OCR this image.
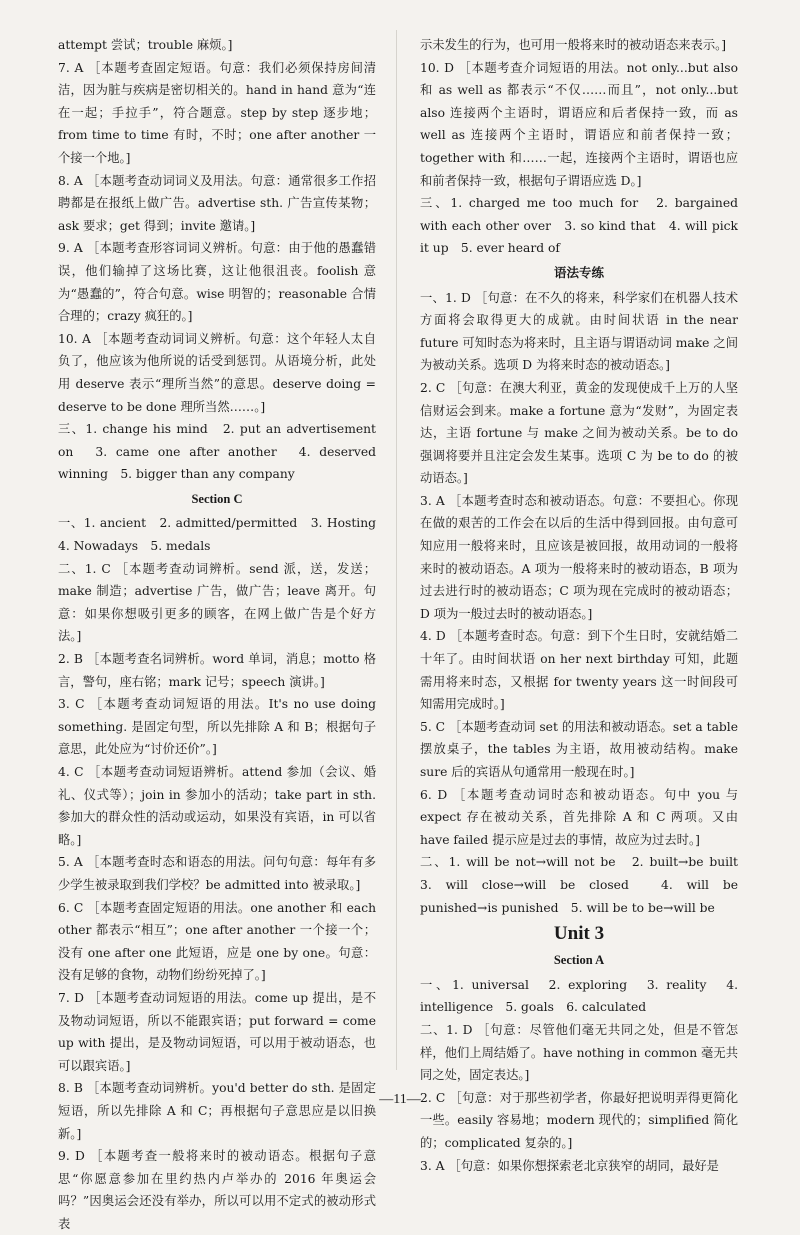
attempt 尝试；trouble 麻烦。]

7. A ［本题考查固定短语。句意：我们必须保持房间清洁，因为脏与疾病是密切相关的。hand in hand 意为“连在一起；手拉手”，符合题意。step by step 逐步地；from time to time 有时，不时；one after another 一个接一个地。]

8. A ［本题考查动词词义及用法。句意：通常很多工作招聘都是在报纸上做广告。advertise sth. 广告宣传某物；ask 要求；get 得到；invite 邀请。]

9. A ［本题考查形容词词义辨析。句意：由于他的愚蠢错误，他们输掉了这场比赛，这让他很沮丧。foolish 意为“愚蠢的”，符合句意。wise 明智的；reasonable 合情合理的；crazy 疯狂的。]

10. A ［本题考查动词词义辨析。句意：这个年轻人太自负了，他应该为他所说的话受到惩罚。从语境分析，此处用 deserve 表示“理所当然”的意思。deserve doing = deserve to be done 理所当然……。]

三、1. change his mind　2. put an advertisement on　3. came one after another　4. deserved winning　5. bigger than any company

Section C

一、1. ancient　2. admitted/permitted　3. Hosting　4. Nowadays　5. medals

二、1. C ［本题考查动词辨析。send 派，送，发送；make 制造；advertise 广告，做广告；leave 离开。句意：如果你想吸引更多的顾客，在网上做广告是个好方法。]

2. B ［本题考查名词辨析。word 单词，消息；motto 格言，警句，座右铭；mark 记号；speech 演讲。]

3. C ［本题考查动词短语的用法。It's no use doing something. 是固定句型，所以先排除 A 和 B；根据句子意思，此处应为“讨价还价”。]

4. C ［本题考查动词短语辨析。attend 参加（会议、婚礼、仪式等）；join in 参加小的活动；take part in sth. 参加大的群众性的活动或运动，如果没有宾语，in 可以省略。]

5. A ［本题考查时态和语态的用法。问句句意：每年有多少学生被录取到我们学校？be admitted into 被录取。]

6. C ［本题考查固定短语的用法。one another 和 each other 都表示“相互”；one after another 一个接一个；没有 one after one 此短语，应是 one by one。句意：没有足够的食物，动物们纷纷死掉了。]

7. D ［本题考查动词短语的用法。come up 提出，是不及物动词短语，所以不能跟宾语；put forward = come up with 提出，是及物动词短语，可以用于被动语态，也可以跟宾语。]

8. B ［本题考查动词辨析。you'd better do sth. 是固定短语，所以先排除 A 和 C；再根据句子意思应是以旧换新。]

9. D ［本题考查一般将来时的被动语态。根据句子意思“你愿意参加在里约热内卢举办的 2016 年奥运会吗？”因奥运会还没有举办，所以可以用不定式的被动形式表

示未发生的行为，也可用一般将来时的被动语态来表示。]

10. D ［本题考查介词短语的用法。not only...but also 和 as well as 都表示“不仅……而且”，not only...but also 连接两个主语时，谓语应和后者保持一致，而 as well as 连接两个主语时，谓语应和前者保持一致；together with 和……一起，连接两个主语时，谓语也应和前者保持一致，根据句子谓语应选 D。]

三、1. charged me too much for　2. bargained with each other over　3. so kind that　4. will pick it up　5. ever heard of

语法专练

一、1. D ［句意：在不久的将来，科学家们在机器人技术方面将会取得更大的成就。由时间状语 in the near future 可知时态为将来时，且主语与谓语动词 make 之间为被动关系。选项 D 为将来时态的被动语态。]

2. C ［句意：在澳大利亚，黄金的发现使成千上万的人坚信财运会到来。make a fortune 意为“发财”，为固定表达，主语 fortune 与 make 之间为被动关系。be to do 强调将要并且注定会发生某事。选项 C 为 be to do 的被动语态。]

3. A ［本题考查时态和被动语态。句意：不要担心。你现在做的艰苦的工作会在以后的生活中得到回报。由句意可知应用一般将来时，且应该是被回报，故用动词的一般将来时的被动语态。A 项为一般将来时的被动语态，B 项为过去进行时的被动语态；C 项为现在完成时的被动语态；D 项为一般过去时的被动语态。]

4. D ［本题考查时态。句意：到下个生日时，安就结婚二十年了。由时间状语 on her next birthday 可知，此题需用将来时态，又根据 for twenty years 这一时间段可知需用完成时。]

5. C ［本题考查动词 set 的用法和被动语态。set a table 摆放桌子，the tables 为主语，故用被动结构。make sure 后的宾语从句通常用一般现在时。]

6. D ［本题考查动词时态和被动语态。句中 you 与 expect 存在被动关系，首先排除 A 和 C 两项。又由 have failed 提示应是过去的事情，故应为过去时。]

二、1. will be not→will not be　2. built→be built　3. will close→will be closed　4. will be punished→is punished　5. will be to be→will be

Unit 3
Section A

一、1. universal　2. exploring　3. reality　4. intelligence　5. goals　6. calculated

二、1. D ［句意：尽管他们毫无共同之处，但是不管怎样，他们上周结婚了。have nothing in common 毫无共同之处，固定表达。]

2. C ［句意：对于那些初学者，你最好把说明弄得更简化一些。easily 容易地；modern 现代的；simplified 简化的；complicated 复杂的。]

3. A ［句意：如果你想探索老北京狭窄的胡同，最好是

—11—
